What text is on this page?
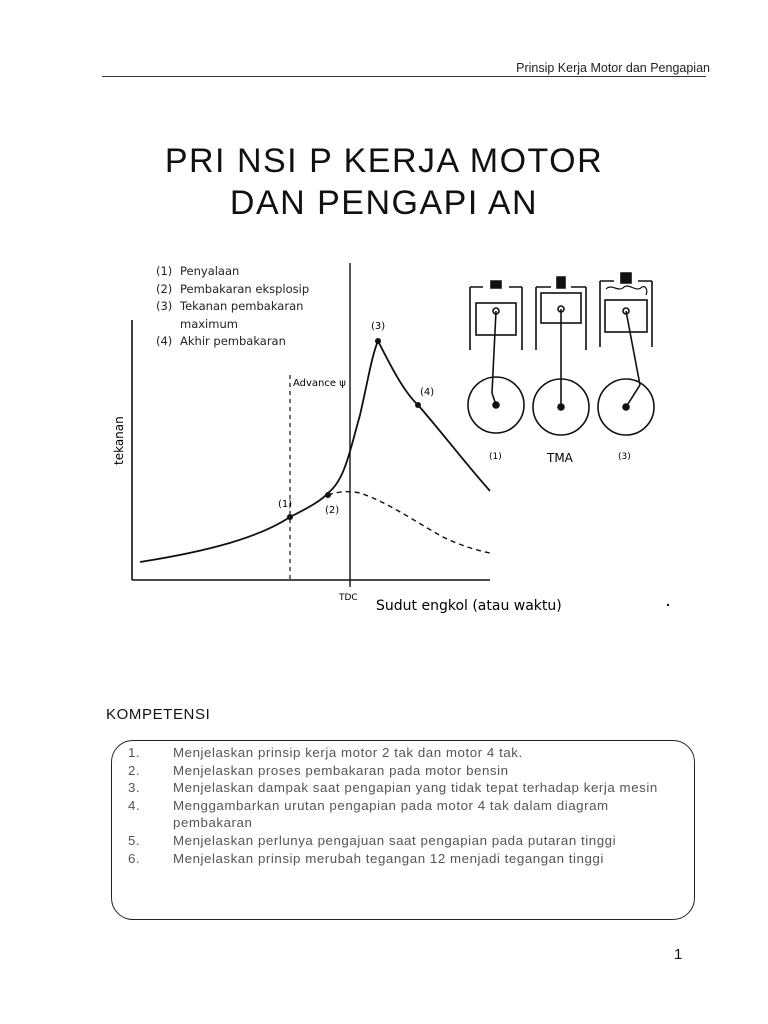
Prinsip Kerja Motor dan Pengapian
PRI NSI P KERJA MOTOR
DAN PENGAPI AN
(1)
(2)
(3)
(4)
Advance ψ
TDC Sudut engkol (atau waktu)
tekanan	(1)	TMA	(3)
(1) Penyalaan
(2) Pembakaran eksplosip
(3) Tekanan pembakaran
maximum
(4) Akhir pembakaran
KOMPETENSI
1.	Menjelaskan prinsip kerja motor 2 tak dan motor 4 tak.
2.	Menjelaskan proses pembakaran pada motor bensin
3.	Menjelaskan dampak saat pengapian yang tidak tepat terhadap kerja mesin
4.	Menggambarkan urutan pengapian pada motor 4 tak dalam diagram pembakaran
5.	Menjelaskan perlunya pengajuan saat pengapian pada putaran tinggi
6.	Menjelaskan prinsip merubah tegangan 12 menjadi tegangan tinggi
1
